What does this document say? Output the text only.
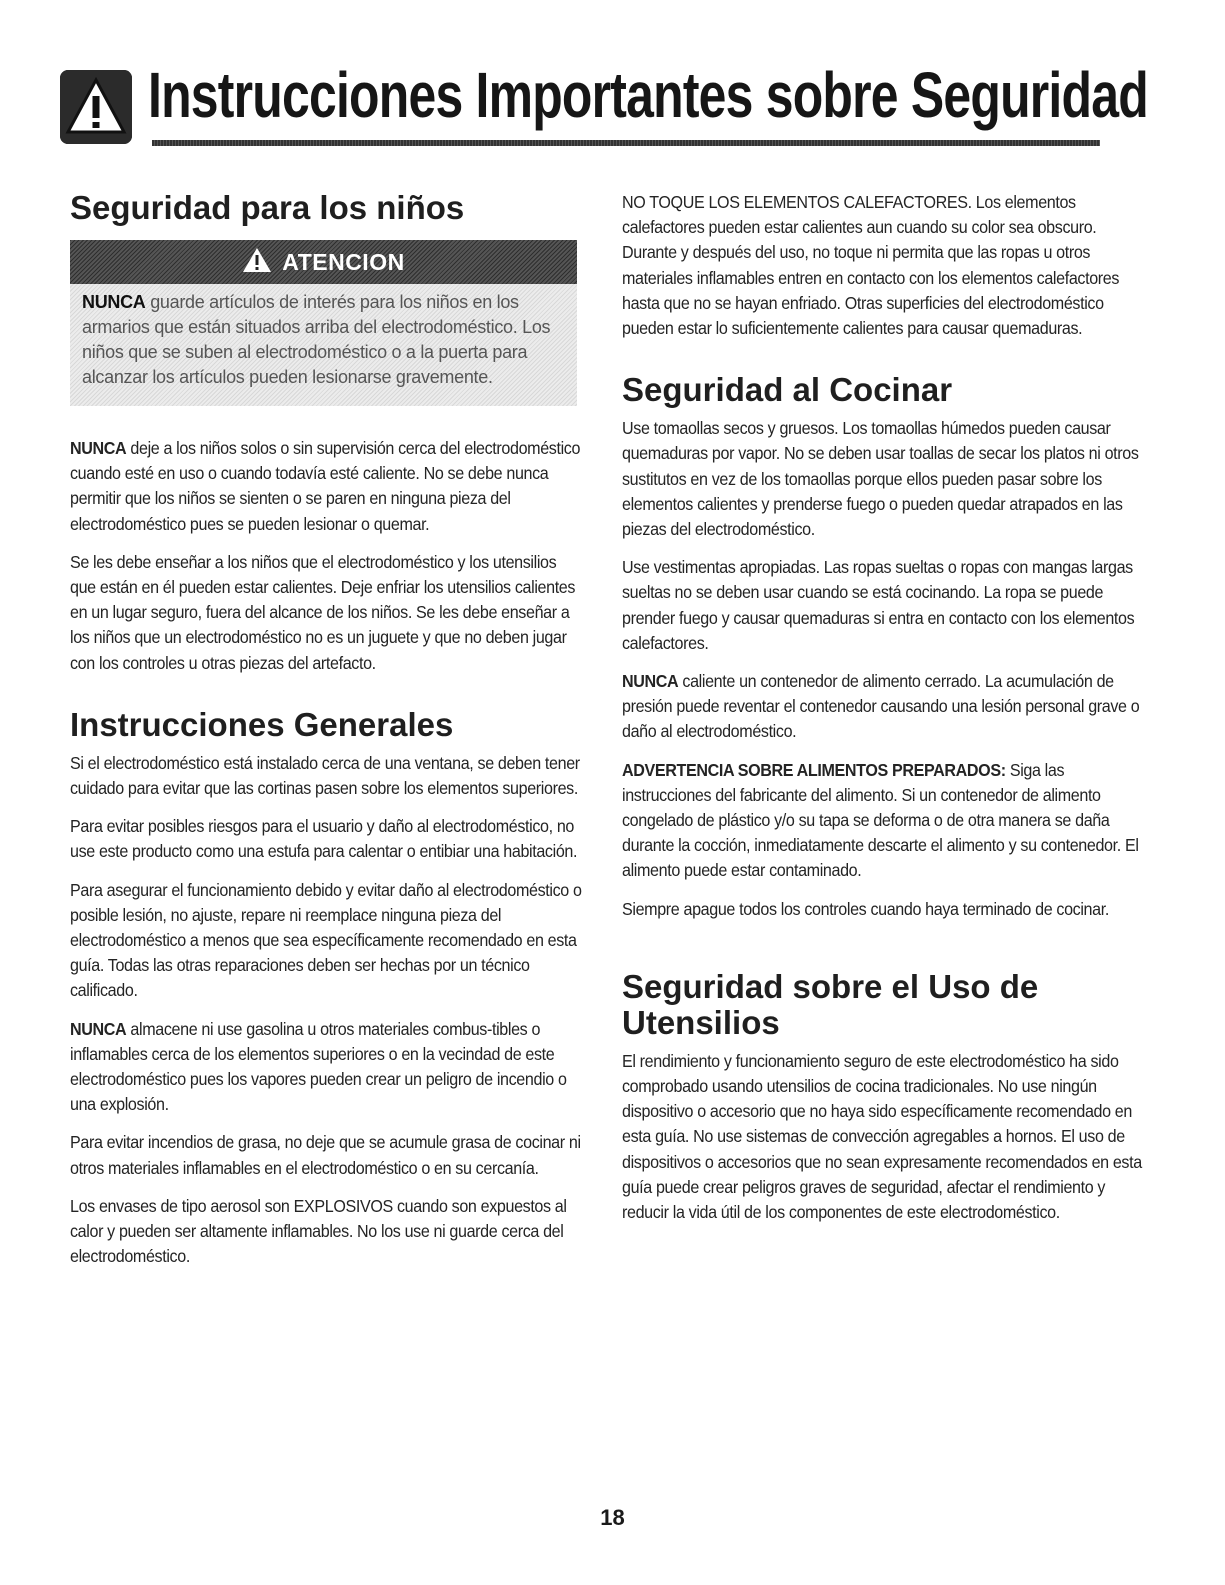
Instrucciones Importantes sobre Seguridad
Seguridad para los niños
ATENCION
NUNCA guarde artículos de interés para los niños en los armarios que están situados arriba del electrodoméstico. Los niños que se suben al electrodoméstico o a la puerta para alcanzar los artículos pueden lesionarse gravemente.

NUNCA deje a los niños solos o sin supervisión cerca del electrodoméstico cuando esté en uso o cuando todavía esté caliente. No se debe nunca permitir que los niños se sienten o se paren en ninguna pieza del electrodoméstico pues se pueden lesionar o quemar.

Se les debe enseñar a los niños que el electrodoméstico y los utensilios que están en él pueden estar calientes. Deje enfriar los utensilios calientes en un lugar seguro, fuera del alcance de los niños. Se les debe enseñar a los niños que un electrodoméstico no es un juguete y que no deben jugar con los controles u otras piezas del artefacto.

Instrucciones Generales

Si el electrodoméstico está instalado cerca de una ventana, se deben tener cuidado para evitar que las cortinas pasen sobre los elementos superiores.

Para evitar posibles riesgos para el usuario y daño al electrodoméstico, no use este producto como una estufa para calentar o entibiar una habitación.

Para asegurar el funcionamiento debido y evitar daño al electrodoméstico o posible lesión, no ajuste, repare ni reemplace ninguna pieza del electrodoméstico a menos que sea específicamente recomendado en esta guía. Todas las otras reparaciones deben ser hechas por un técnico calificado.

NUNCA almacene ni use gasolina u otros materiales combus-tibles o inflamables cerca de los elementos superiores o en la vecindad de este electrodoméstico pues los vapores pueden crear un peligro de incendio o una explosión.

Para evitar incendios de grasa, no deje que se acumule grasa de cocinar ni otros materiales inflamables en el electrodoméstico o en su cercanía.

Los envases de tipo aerosol son EXPLOSIVOS cuando son expuestos al calor y pueden ser altamente inflamables. No los use ni guarde cerca del electrodoméstico.

NO TOQUE LOS ELEMENTOS CALEFACTORES. Los elementos calefactores pueden estar calientes aun cuando su color sea obscuro. Durante y después del uso, no toque ni permita que las ropas u otros materiales inflamables entren en contacto con los elementos calefactores hasta que no se hayan enfriado. Otras superficies del electrodoméstico pueden estar lo suficientemente calientes para causar quemaduras.

Seguridad al Cocinar

Use tomaollas secos y gruesos. Los tomaollas húmedos pueden causar quemaduras por vapor. No se deben usar toallas de secar los platos ni otros sustitutos en vez de los tomaollas porque ellos pueden pasar sobre los elementos calientes y prenderse fuego o pueden quedar atrapados en las piezas del electrodoméstico.

Use vestimentas apropiadas. Las ropas sueltas o ropas con mangas largas sueltas no se deben usar cuando se está cocinando. La ropa se puede prender fuego y causar quemaduras si entra en contacto con los elementos calefactores.

NUNCA caliente un contenedor de alimento cerrado. La acumulación de presión puede reventar el contenedor causando una lesión personal grave o daño al electrodoméstico.

ADVERTENCIA SOBRE ALIMENTOS PREPARADOS: Siga las instrucciones del fabricante del alimento. Si un contenedor de alimento congelado de plástico y/o su tapa se deforma o de otra manera se daña durante la cocción, inmediatamente descarte el alimento y su contenedor. El alimento puede estar contaminado.

Siempre apague todos los controles cuando haya terminado de cocinar.

Seguridad sobre el Uso de Utensilios

El rendimiento y funcionamiento seguro de este electrodoméstico ha sido comprobado usando utensilios de cocina tradicionales. No use ningún dispositivo o accesorio que no haya sido específicamente recomendado en esta guía. No use sistemas de convección agregables a hornos. El uso de dispositivos o accesorios que no sean expresamente recomendados en esta guía puede crear peligros graves de seguridad, afectar el rendimiento y reducir la vida útil de los componentes de este electrodoméstico.

18
